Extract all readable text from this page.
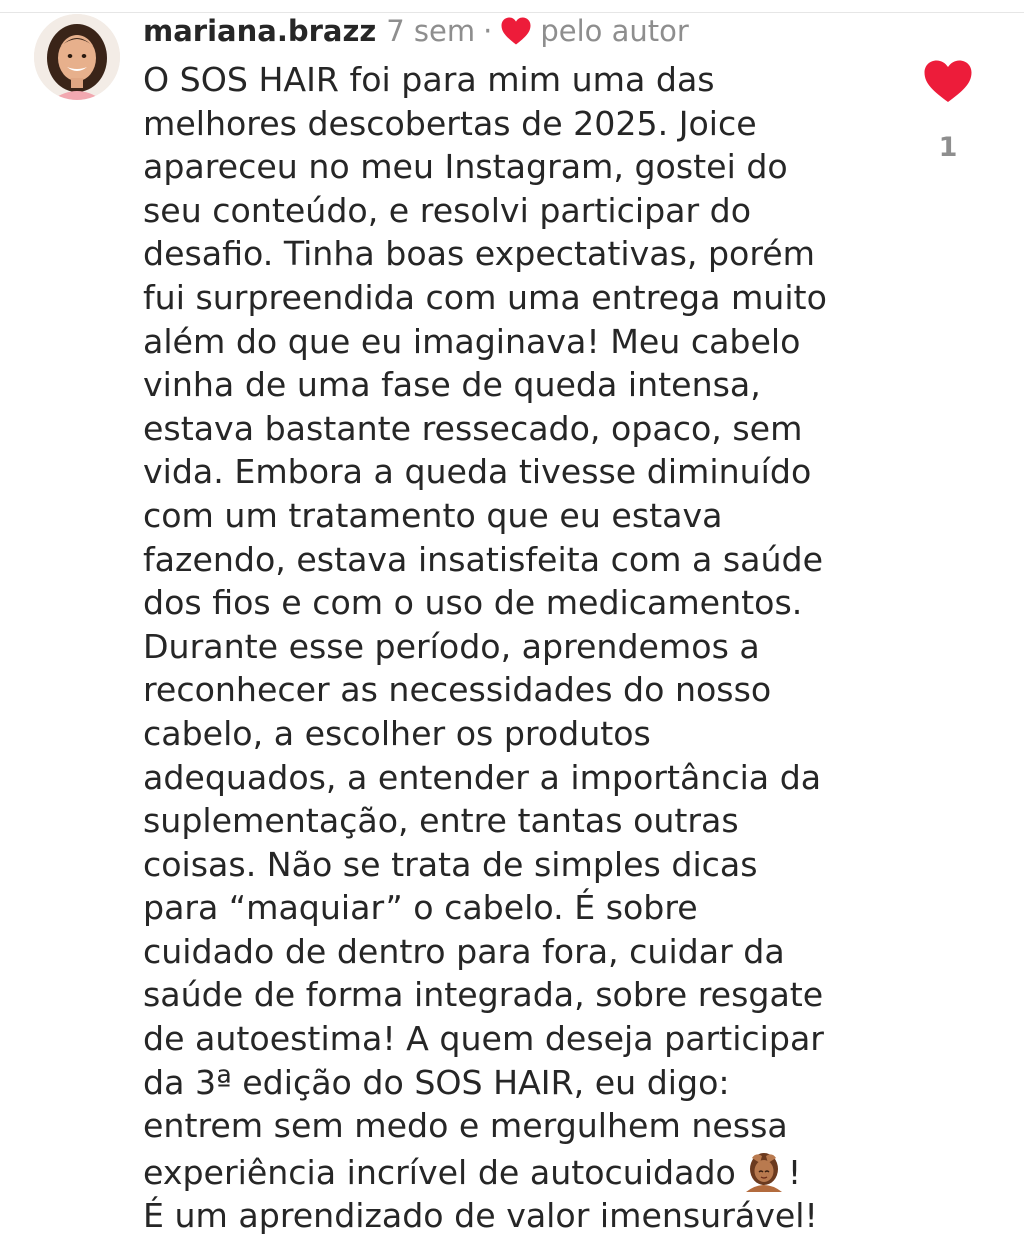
mariana.brazz 7 sem · pelo autor
O SOS HAIR foi para mim uma das
melhores descobertas de 2025. Joice
apareceu no meu Instagram, gostei do
seu conteúdo, e resolvi participar do
desafio. Tinha boas expectativas, porém
fui surpreendida com uma entrega muito
além do que eu imaginava! Meu cabelo
vinha de uma fase de queda intensa,
estava bastante ressecado, opaco, sem
vida. Embora a queda tivesse diminuído
com um tratamento que eu estava
fazendo, estava insatisfeita com a saúde
dos fios e com o uso de medicamentos.
Durante esse período, aprendemos a
reconhecer as necessidades do nosso
cabelo, a escolher os produtos
adequados, a entender a importância da
suplementação, entre tantas outras
coisas. Não se trata de simples dicas
para “maquiar” o cabelo. É sobre
cuidado de dentro para fora, cuidar da
saúde de forma integrada, sobre resgate
de autoestima! A quem deseja participar
da 3ª edição do SOS HAIR, eu digo:
entrem sem medo e mergulhem nessa
experiência incrível de autocuidado !
É um aprendizado de valor imensurável!
1
